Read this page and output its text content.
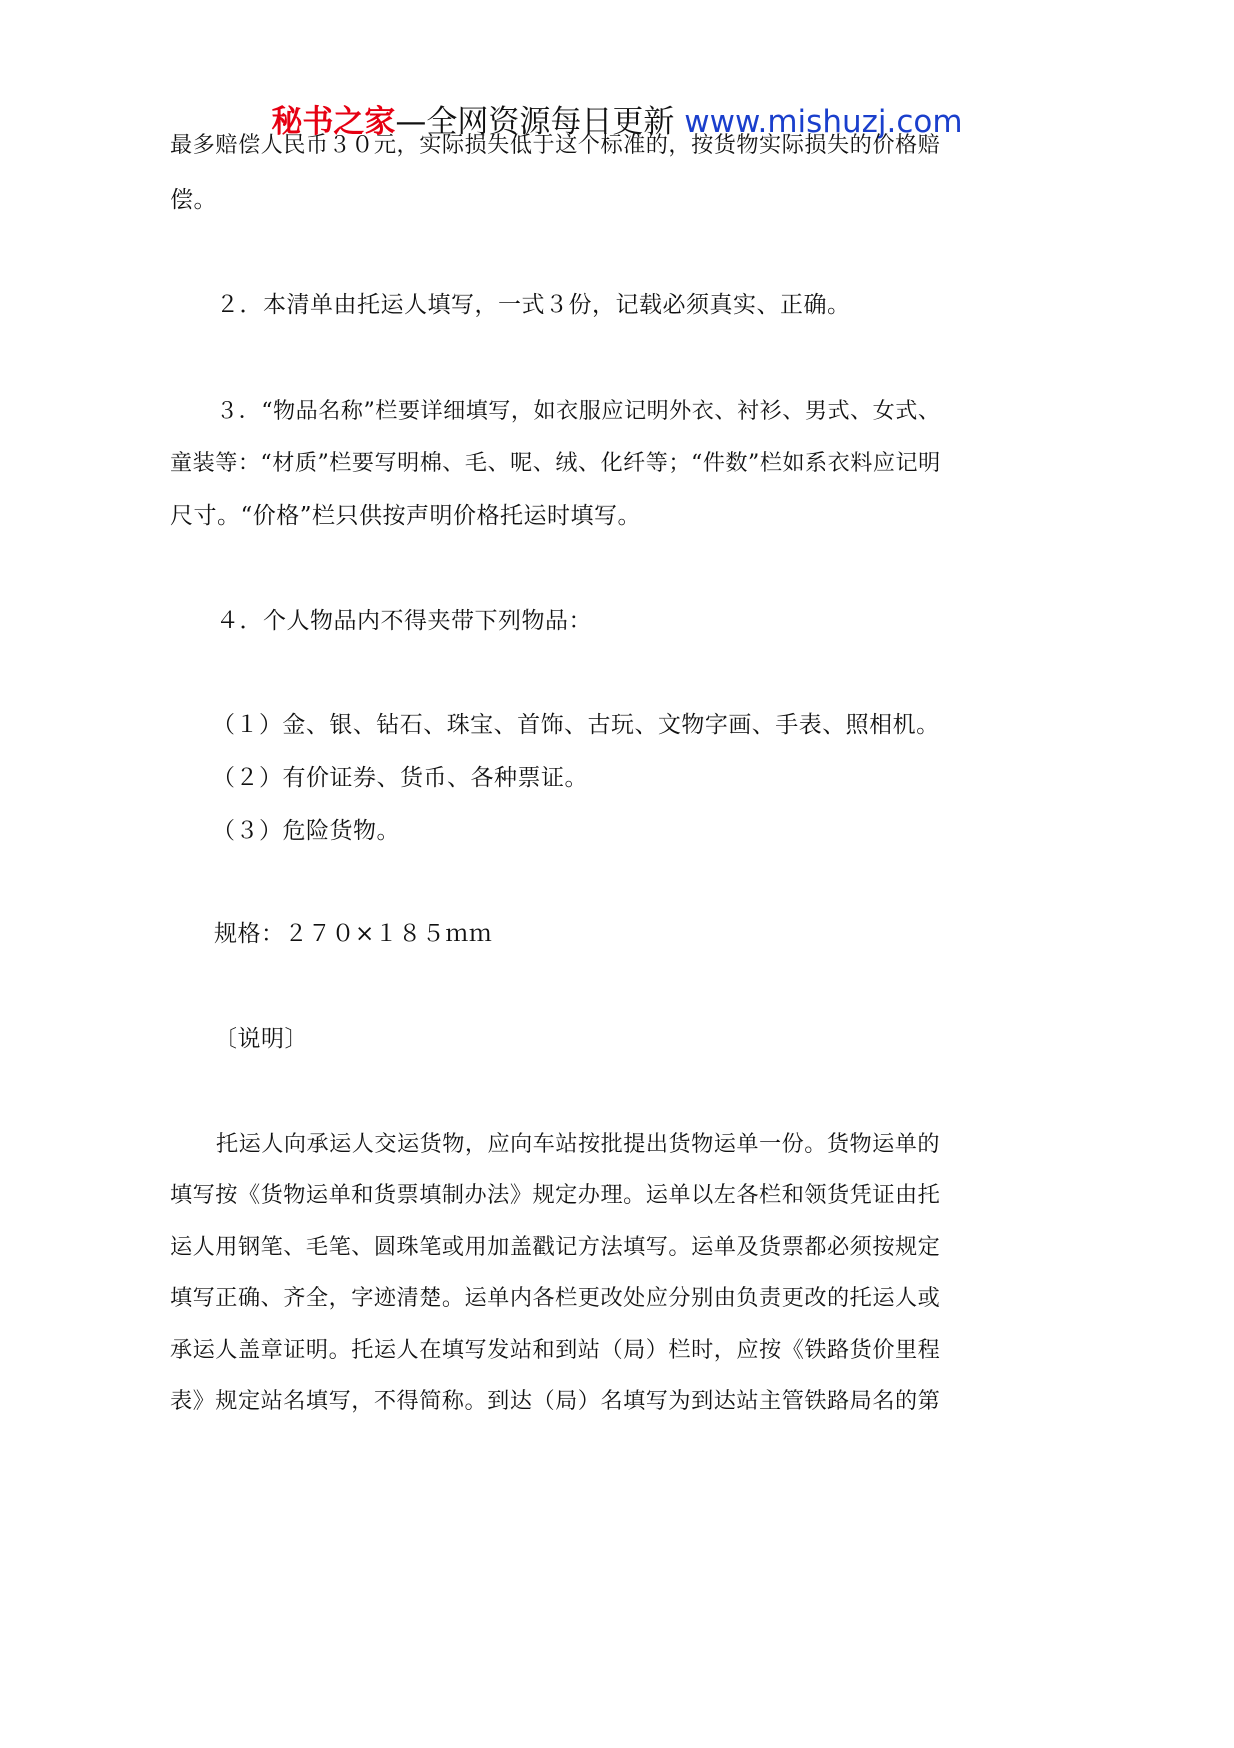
秘书之家—全网资源每日更新 www.mishuzj.com
最多赔偿人民币３０元，实际损失低于这个标准的，按货物实际损失的价格赔
偿。
２．本清单由托运人填写，一式３份，记载必须真实、正确。
３．“物品名称”栏要详细填写，如衣服应记明外衣、衬衫、男式、女式、
童装等：“材质”栏要写明棉、毛、呢、绒、化纤等；“件数”栏如系衣料应记明
尺寸。“价格”栏只供按声明价格托运时填写。
４．个人物品内不得夹带下列物品：
（１）金、银、钻石、珠宝、首饰、古玩、文物字画、手表、照相机。
（２）有价证券、货币、各种票证。
（３）危险货物。
规格：２７０×１８５ｍｍ
〔说明〕
托运人向承运人交运货物，应向车站按批提出货物运单一份。货物运单的
填写按《货物运单和货票填制办法》规定办理。运单以左各栏和领货凭证由托
运人用钢笔、毛笔、圆珠笔或用加盖戳记方法填写。运单及货票都必须按规定
填写正确、齐全，字迹清楚。运单内各栏更改处应分别由负责更改的托运人或
承运人盖章证明。托运人在填写发站和到站（局）栏时，应按《铁路货价里程
表》规定站名填写，不得简称。到达（局）名填写为到达站主管铁路局名的第
